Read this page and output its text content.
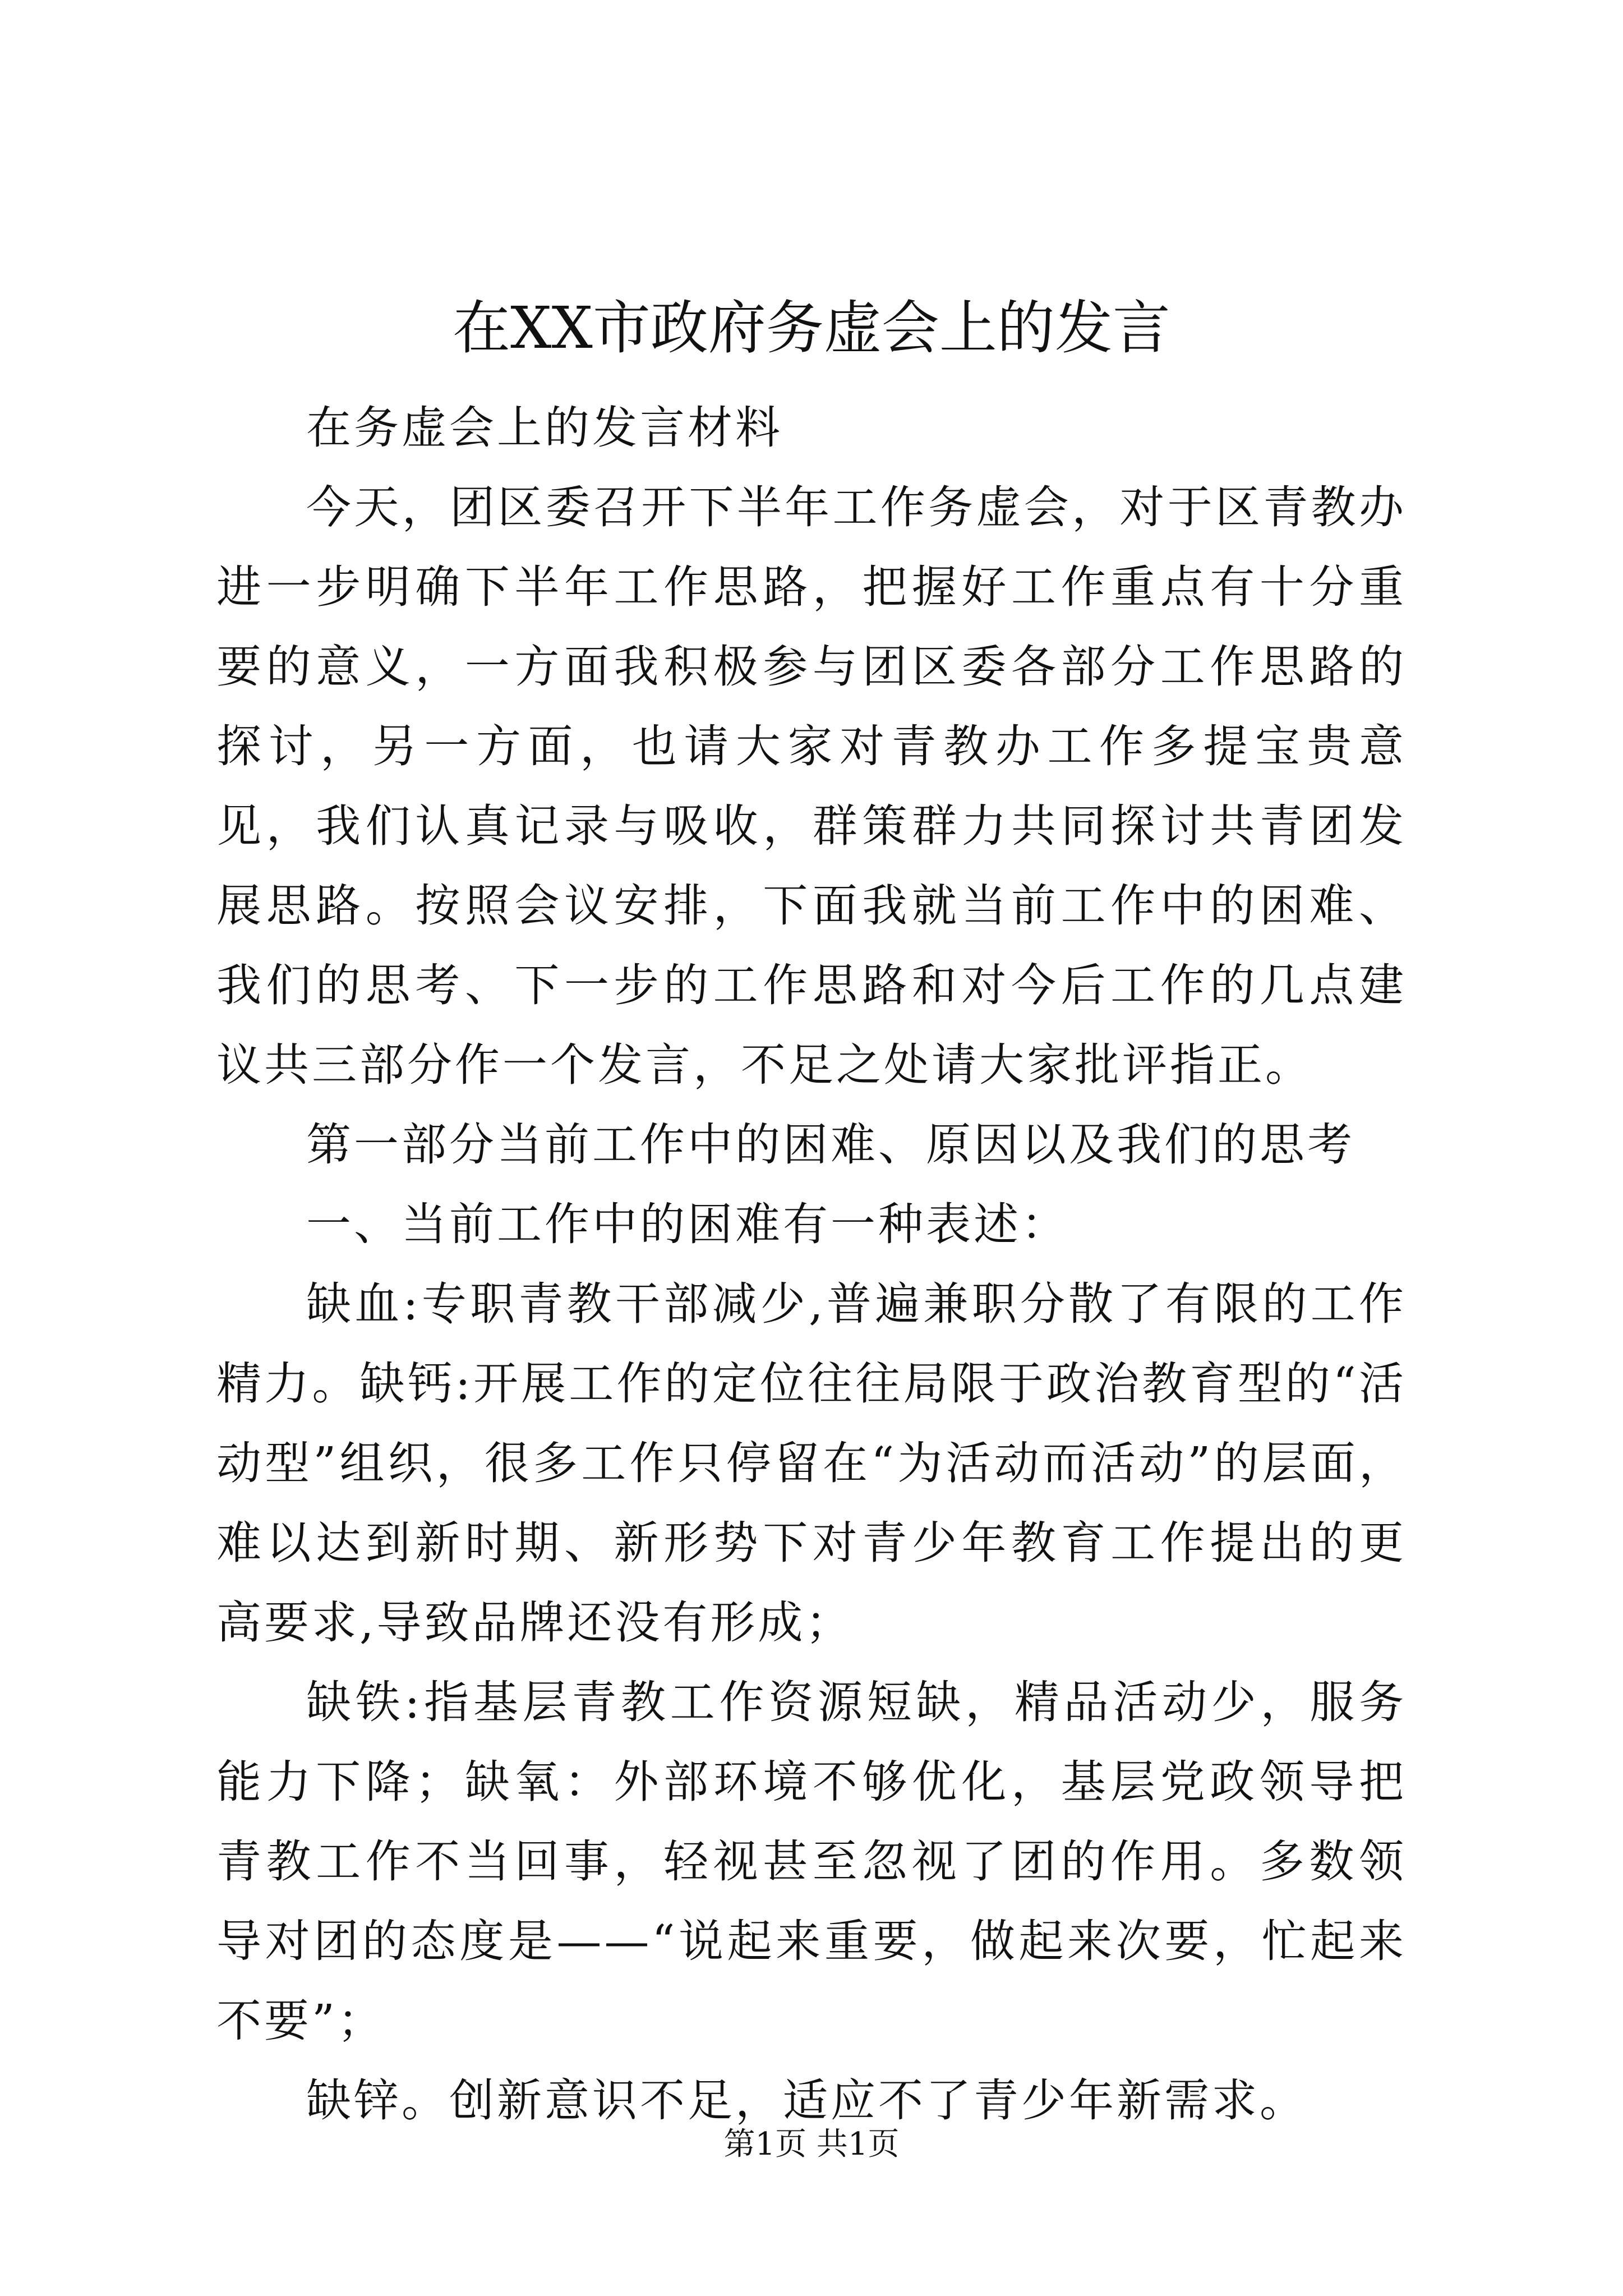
在XX市政府务虚会上的发言

在务虚会上的发言材料

今天，团区委召开下半年工作务虚会，对于区青教办进一步明确下半年工作思路，把握好工作重点有十分重要的意义，一方面我积极参与团区委各部分工作思路的探讨，另一方面，也请大家对青教办工作多提宝贵意见，我们认真记录与吸收，群策群力共同探讨共青团发展思路。按照会议安排，下面我就当前工作中的困难、我们的思考、下一步的工作思路和对今后工作的几点建议共三部分作一个发言，不足之处请大家批评指正。

第一部分当前工作中的困难、原因以及我们的思考

一、当前工作中的困难有一种表述：

缺血:专职青教干部减少,普遍兼职分散了有限的工作精力。缺钙:开展工作的定位往往局限于政治教育型的“活动型”组织，很多工作只停留在“为活动而活动”的层面，难以达到新时期、新形势下对青少年教育工作提出的更高要求,导致品牌还没有形成；

缺铁:指基层青教工作资源短缺，精品活动少，服务能力下降；缺氧：外部环境不够优化，基层党政领导把青教工作不当回事，轻视甚至忽视了团的作用。多数领导对团的态度是——“说起来重要，做起来次要，忙起来不要”；

缺锌。创新意识不足，适应不了青少年新需求。

第1页 共1页
